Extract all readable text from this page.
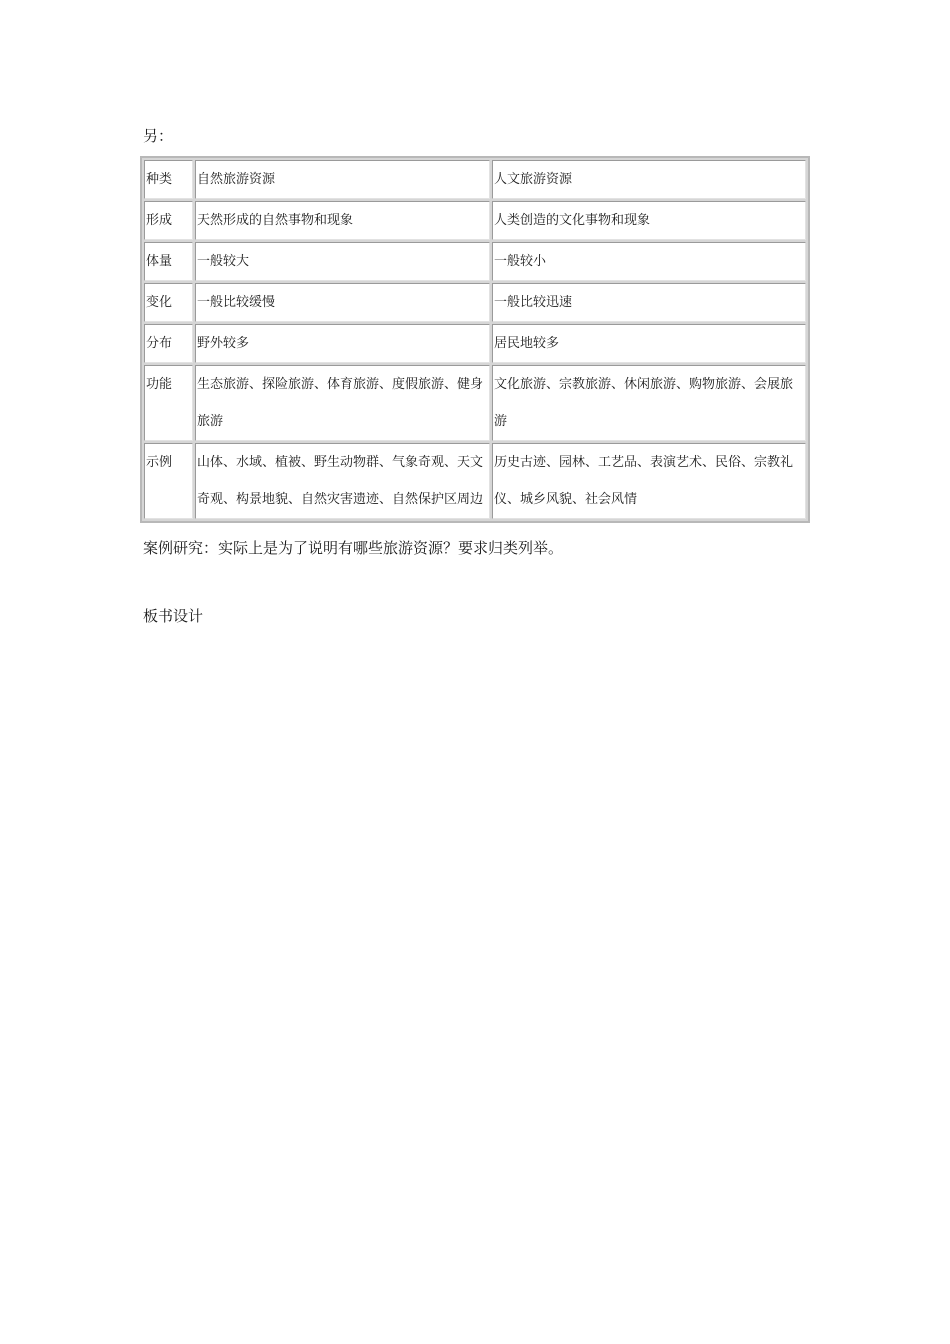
另：
种类	自然旅游资源	人文旅游资源
形成	天然形成的自然事物和现象	人类创造的文化事物和现象
体量	一般较大	一般较小
变化	一般比较缓慢	一般比较迅速
分布	野外较多	居民地较多
功能	生态旅游、探险旅游、体育旅游、度假旅游、健身旅游	文化旅游、宗教旅游、休闲旅游、购物旅游、会展旅游
示例	山体、水域、植被、野生动物群、气象奇观、天文奇观、构景地貌、自然灾害遗迹、自然保护区周边	历史古迹、园林、工艺品、表演艺术、民俗、宗教礼仪、城乡风貌、社会风情
案例研究：实际上是为了说明有哪些旅游资源？要求归类列举。
板书设计
